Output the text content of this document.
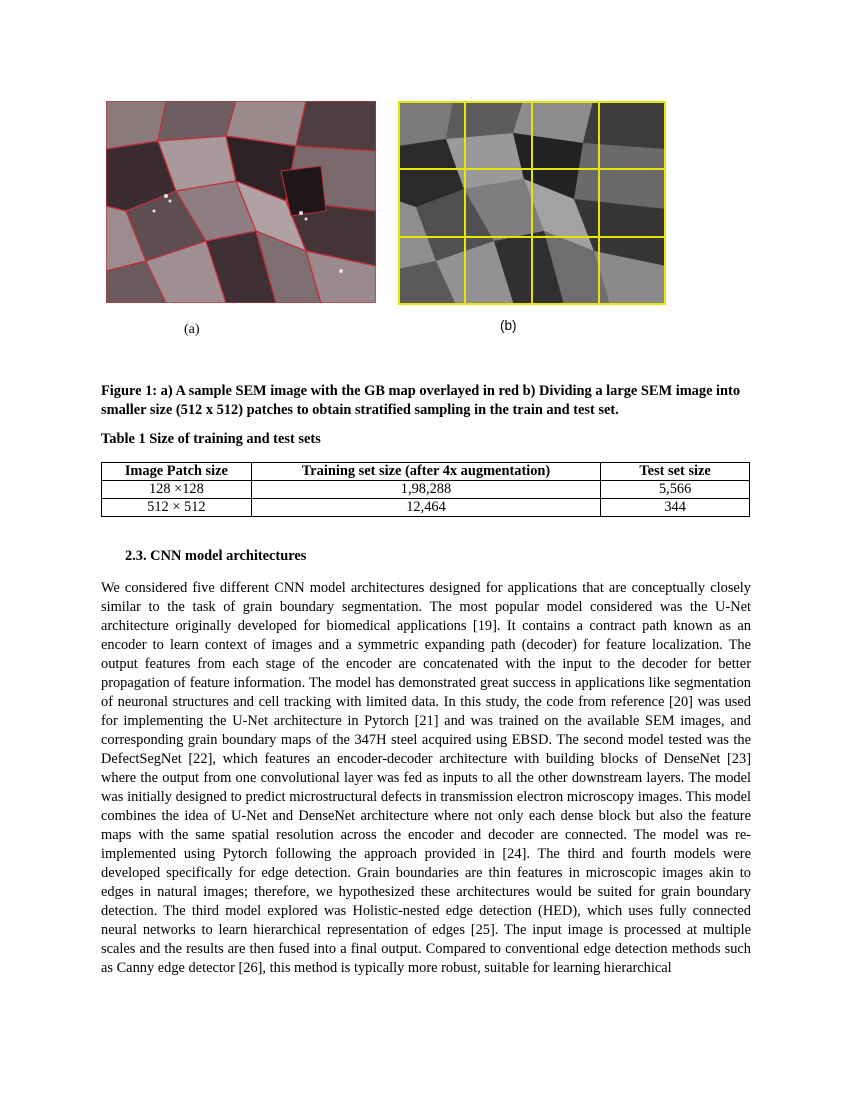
(a)	(b)
Figure 1: a) A sample SEM image with the GB map overlayed in red b) Dividing a large SEM image into smaller size (512 x 512) patches to obtain stratified sampling in the train and test set.
Table 1 Size of training and test sets
Image Patch size	Training set size (after 4x augmentation)	Test set size
128 ×128	1,98,288	5,566
512 × 512	12,464	344
2.3. CNN model architectures
We considered five different CNN model architectures designed for applications that are conceptually closely similar to the task of grain boundary segmentation. The most popular model considered was the U-Net architecture originally developed for biomedical applications [19]. It contains a contract path known as an encoder to learn context of images and a symmetric expanding path (decoder) for feature localization. The output features from each stage of the encoder are concatenated with the input to the decoder for better propagation of feature information. The model has demonstrated great success in applications like segmentation of neuronal structures and cell tracking with limited data. In this study, the code from reference [20] was used for implementing the U-Net architecture in Pytorch [21] and was trained on the available SEM images, and corresponding grain boundary maps of the 347H steel acquired using EBSD. The second model tested was the DefectSegNet [22], which features an encoder-decoder architecture with building blocks of DenseNet [23] where the output from one convolutional layer was fed as inputs to all the other downstream layers. The model was initially designed to predict microstructural defects in transmission electron microscopy images. This model combines the idea of U-Net and DenseNet architecture where not only each dense block but also the feature maps with the same spatial resolution across the encoder and decoder are connected. The model was re-implemented using Pytorch following the approach provided in [24]. The third and fourth models were developed specifically for edge detection. Grain boundaries are thin features in microscopic images akin to edges in natural images; therefore, we hypothesized these architectures would be suited for grain boundary detection. The third model explored was Holistic-nested edge detection (HED), which uses fully connected neural networks to learn hierarchical representation of edges [25]. The input image is processed at multiple scales and the results are then fused into a final output. Compared to conventional edge detection methods such as Canny edge detector [26], this method is typically more robust, suitable for learning hierarchical
